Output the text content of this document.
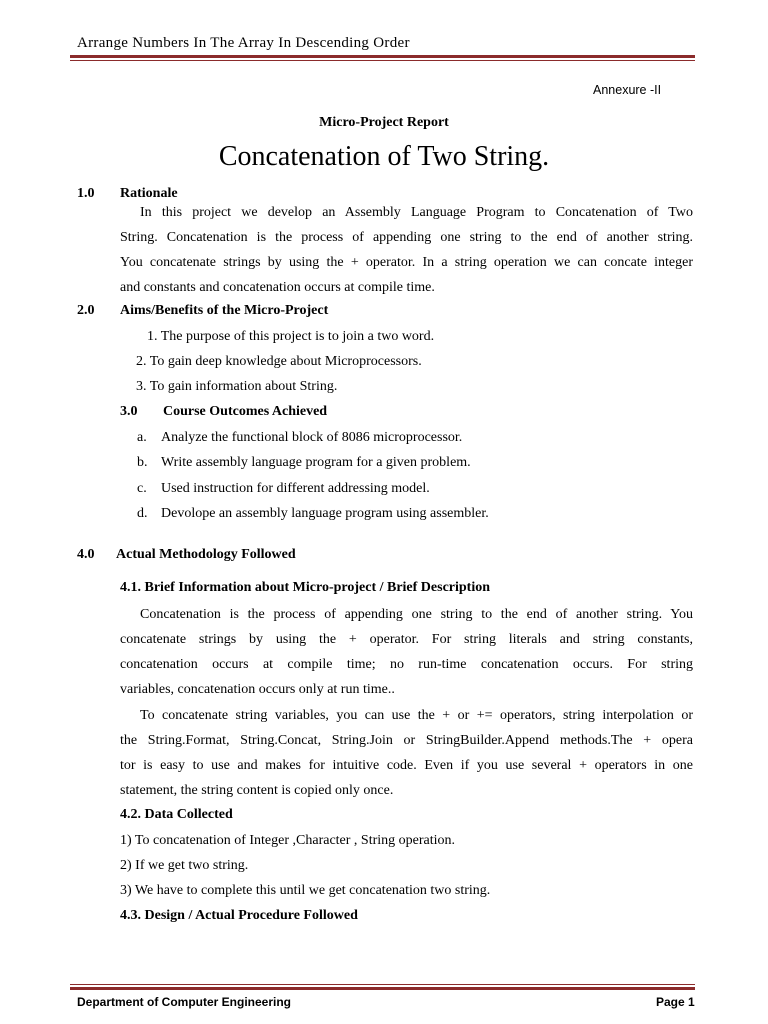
Arrange Numbers In The Array In Descending Order
Annexure -II
Micro-Project Report
Concatenation of Two String.
1.0 Rationale
In this project we develop an Assembly Language Program to Concatenation of Two
String. Concatenation is the process of appending one string to the end of another string.
You concatenate strings by using the + operator. In a string operation we can concate integer
and constants and concatenation occurs at compile time.
2.0 Aims/Benefits of the Micro-Project
1. The purpose of this project is to join a two word.
2. To gain deep knowledge about Microprocessors.
3. To gain information about String.
3.0 Course Outcomes Achieved
a. Analyze the functional block of 8086 microprocessor.
b. Write assembly language program for a given problem.
c. Used instruction for different addressing model.
d. Devolope an assembly language program using assembler.
4.0 Actual Methodology Followed
4.1. Brief Information about Micro-project / Brief Description
Concatenation is the process of appending one string to the end of another string. You
concatenate strings by using the + operator. For string literals and string constants,
concatenation occurs at compile time; no run-time concatenation occurs. For string
variables, concatenation occurs only at run time..
To concatenate string variables, you can use the + or += operators, string interpolation or
the String.Format, String.Concat, String.Join or StringBuilder.Append methods.The + opera
tor is easy to use and makes for intuitive code. Even if you use several + operators in one
statement, the string content is copied only once.
4.2. Data Collected
1) To concatenation of Integer ,Character , String operation.
2) If we get two string.
3) We have to complete this until we get concatenation two string.
4.3. Design / Actual Procedure Followed
Department of Computer Engineering	Page 1
